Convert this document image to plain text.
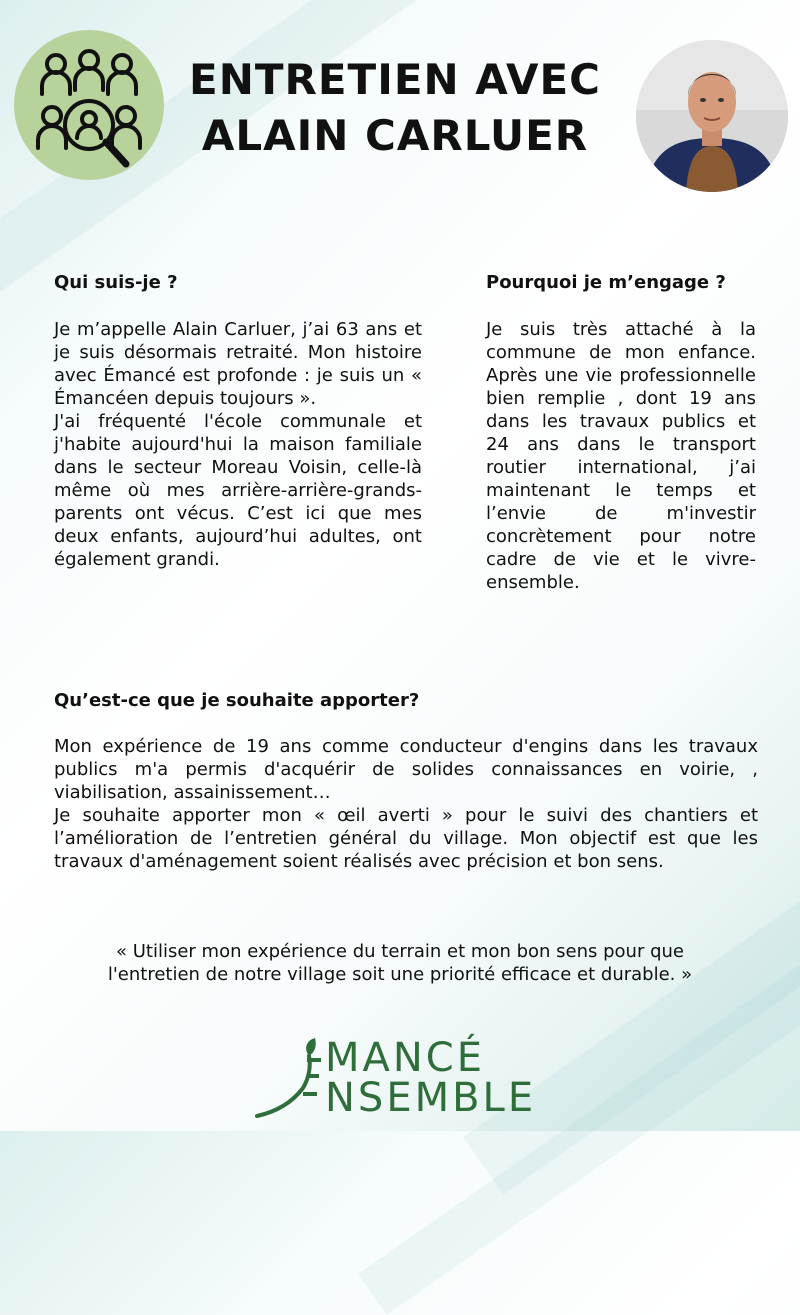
ENTRETIEN AVEC
ALAIN CARLUER
Qui suis-je ?

Je m’appelle Alain Carluer, j’ai 63 ans et je suis désormais retraité. Mon histoire avec Émancé est profonde : je suis un « Émancéen depuis toujours ».

J'ai fréquenté l'école communale et j'habite aujourd'hui la maison familiale dans le secteur Moreau Voisin, celle-là même où mes arrière-arrière-grands-parents ont vécus. C’est ici que mes deux enfants, aujourd’hui adultes, ont également grandi.

Pourquoi je m’engage ?

Je suis très attaché à la commune de mon enfance. Après une vie professionnelle bien remplie , dont 19 ans dans les travaux publics et 24 ans dans le transport routier international, j’ai maintenant le temps et l’envie de m'investir concrètement pour notre cadre de vie et le vivre-ensemble.

Qu’est-ce que je souhaite apporter?

Mon expérience de 19 ans comme conducteur d'engins dans les travaux publics m'a permis d'acquérir de solides connaissances en voirie, , viabilisation, assainissement…

Je souhaite apporter mon « œil averti » pour le suivi des chantiers et l’amélioration de l’entretien général du village. Mon objectif est que les travaux d'aménagement soient réalisés avec précision et bon sens.

« Utiliser mon expérience du terrain et mon bon sens pour que
l'entretien de notre village soit une priorité efficace et durable. »
MANCÉ
NSEMBLE
